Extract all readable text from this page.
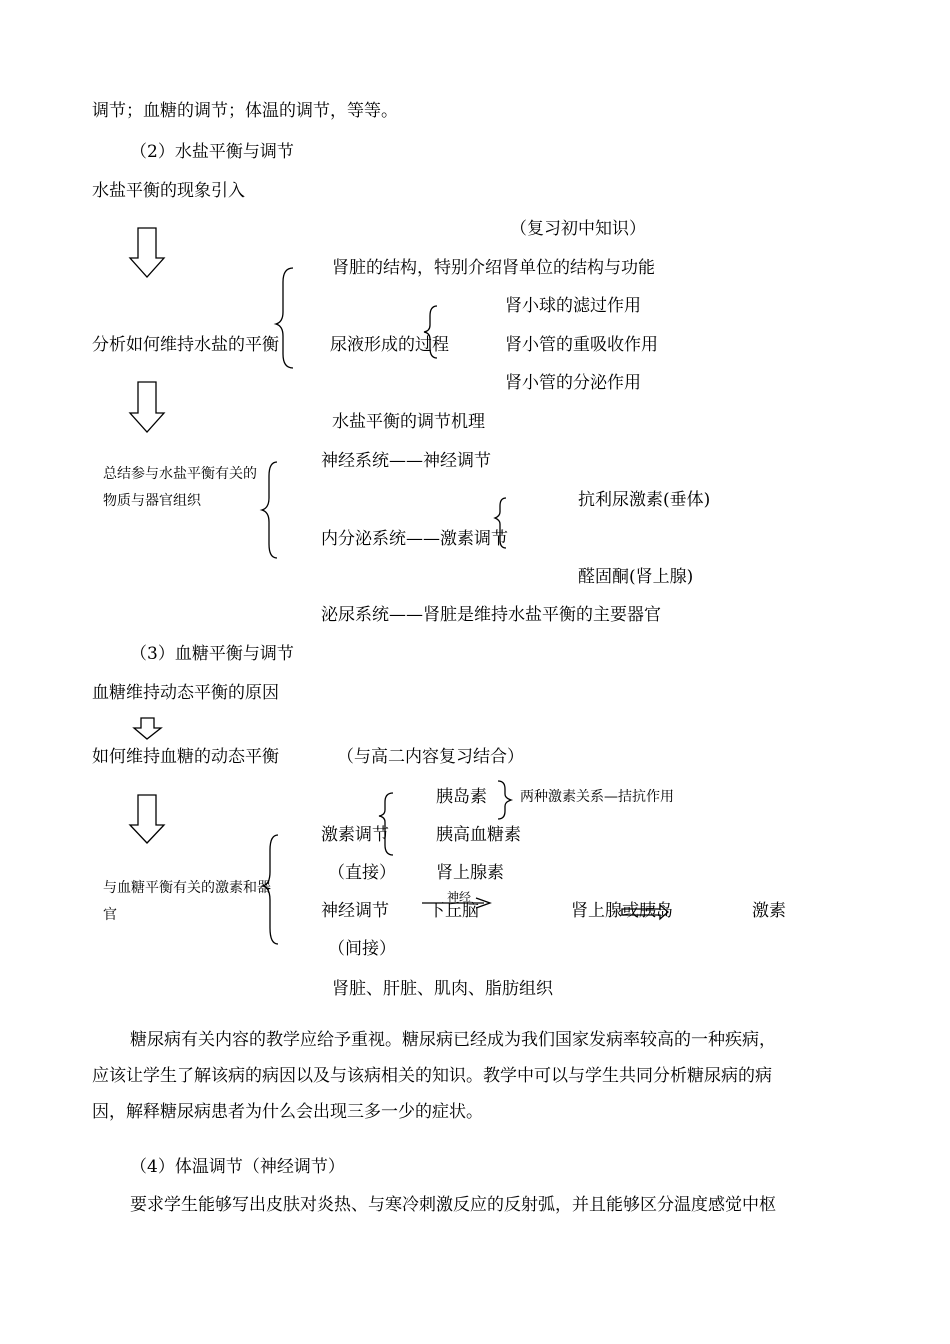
调节；血糖的调节；体温的调节，等等。
（2）水盐平衡与调节
水盐平衡的现象引入
（复习初中知识）
肾脏的结构，特别介绍肾单位的结构与功能
肾小球的滤过作用
分析如何维持水盐的平衡	尿液形成的过程	肾小管的重吸收作用
肾小管的分泌作用
水盐平衡的调节机理
总结参与水盐平衡有关的物质与器官组织
神经系统——神经调节
抗利尿激素(垂体)
内分泌系统——激素调节
醛固酮(肾上腺)
泌尿系统——肾脏是维持水盐平衡的主要器官
（3）血糖平衡与调节
血糖维持动态平衡的原因
如何维持血糖的动态平衡	（与高二内容复习结合）
胰岛素 两种激素关系—拮抗作用
激素调节	胰高血糖素
（直接） 肾上腺素
与血糖平衡有关的激素和器官	神经调节
神经
下丘脑	肾上腺或胰岛	激素
（间接）
肾脏、肝脏、肌肉、脂肪组织
糖尿病有关内容的教学应给予重视。糖尿病已经成为我们国家发病率较高的一种疾病，
应该让学生了解该病的病因以及与该病相关的知识。教学中可以与学生共同分析糖尿病的病
因，解释糖尿病患者为什么会出现三多一少的症状。
（4）体温调节（神经调节）
要求学生能够写出皮肤对炎热、与寒冷刺激反应的反射弧，并且能够区分温度感觉中枢
